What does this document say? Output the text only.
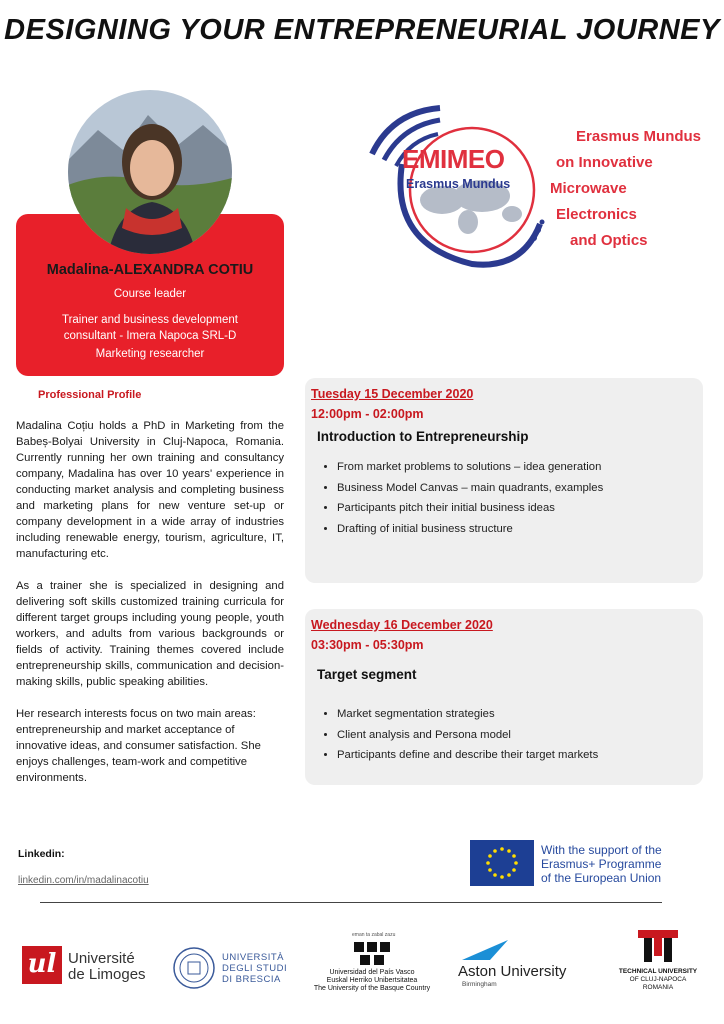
DESIGNING YOUR ENTREPRENEURIAL JOURNEY
Madalina-ALEXANDRA COTIU
Course leader
Trainer and business development
consultant - Imera Napoca SRL-D
Marketing researcher
EMIMEO
Erasmus Mundus
Erasmus Mundus
on Innovative
Microwave
Electronics
and Optics
Professional Profile

Madalina Coțiu holds a PhD in Marketing from the Babeș-Bolyai University in Cluj-Napoca, Romania. Currently running her own training and consultancy company, Madalina has over 10 years' experience in conducting market analysis and completing business and marketing plans for new venture set-up or company development in a wide array of industries including renewable energy, tourism, agriculture, IT, manufacturing etc.

As a trainer she is specialized in designing and delivering soft skills customized training curricula for different target groups including young people, youth workers, and adults from various backgrounds or fields of activity. Training themes covered include entrepreneurship skills, communication and decision-making skills, public speaking abilities.

Her research interests focus on two main areas: entrepreneurship and market acceptance of innovative ideas, and consumer satisfaction. She enjoys challenges, team-work and competitive environments.

Linkedin:
linkedin.com/in/madalinacotiu
Tuesday 15 December 2020
12:00pm - 02:00pm
Introduction to Entrepreneurship
• From market problems to solutions – idea generation
• Business Model Canvas – main quadrants, examples
• Participants pitch their initial business ideas
• Drafting of initial business structure
Wednesday 16 December 2020
03:30pm - 05:30pm
Target segment
• Market segmentation strategies
• Client analysis and Persona model
• Participants define and describe their target markets
With the support of the
Erasmus+ Programme
of the European Union
ul Université
de Limoges
UNIVERSITÀ
DEGLI STUDI
DI BRESCIA
eman ta zabal zazu
Universidad del País Vasco
Euskal Herriko Unibertsitatea
The University of the Basque Country
Aston University
Birmingham
TECHNICAL UNIVERSITY
OF CLUJ-NAPOCA
ROMANIA
